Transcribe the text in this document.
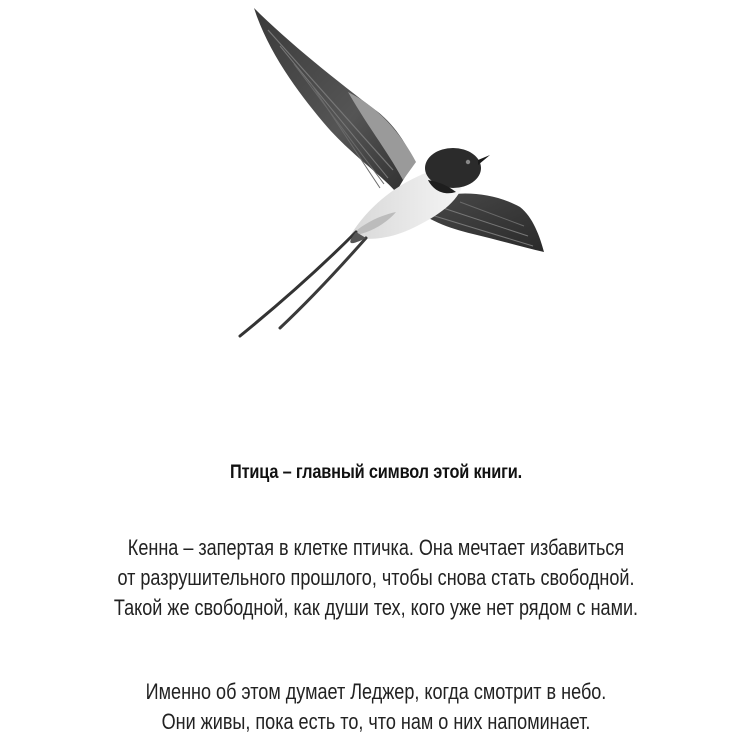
Птица – главный символ этой книги.
Кенна – запертая в клетке птичка. Она мечтает избавиться
от разрушительного прошлого, чтобы снова стать свободной.
Такой же свободной, как души тех, кого уже нет рядом с нами.
Именно об этом думает Леджер, когда смотрит в небо.
Они живы, пока есть то, что нам о них напоминает.
